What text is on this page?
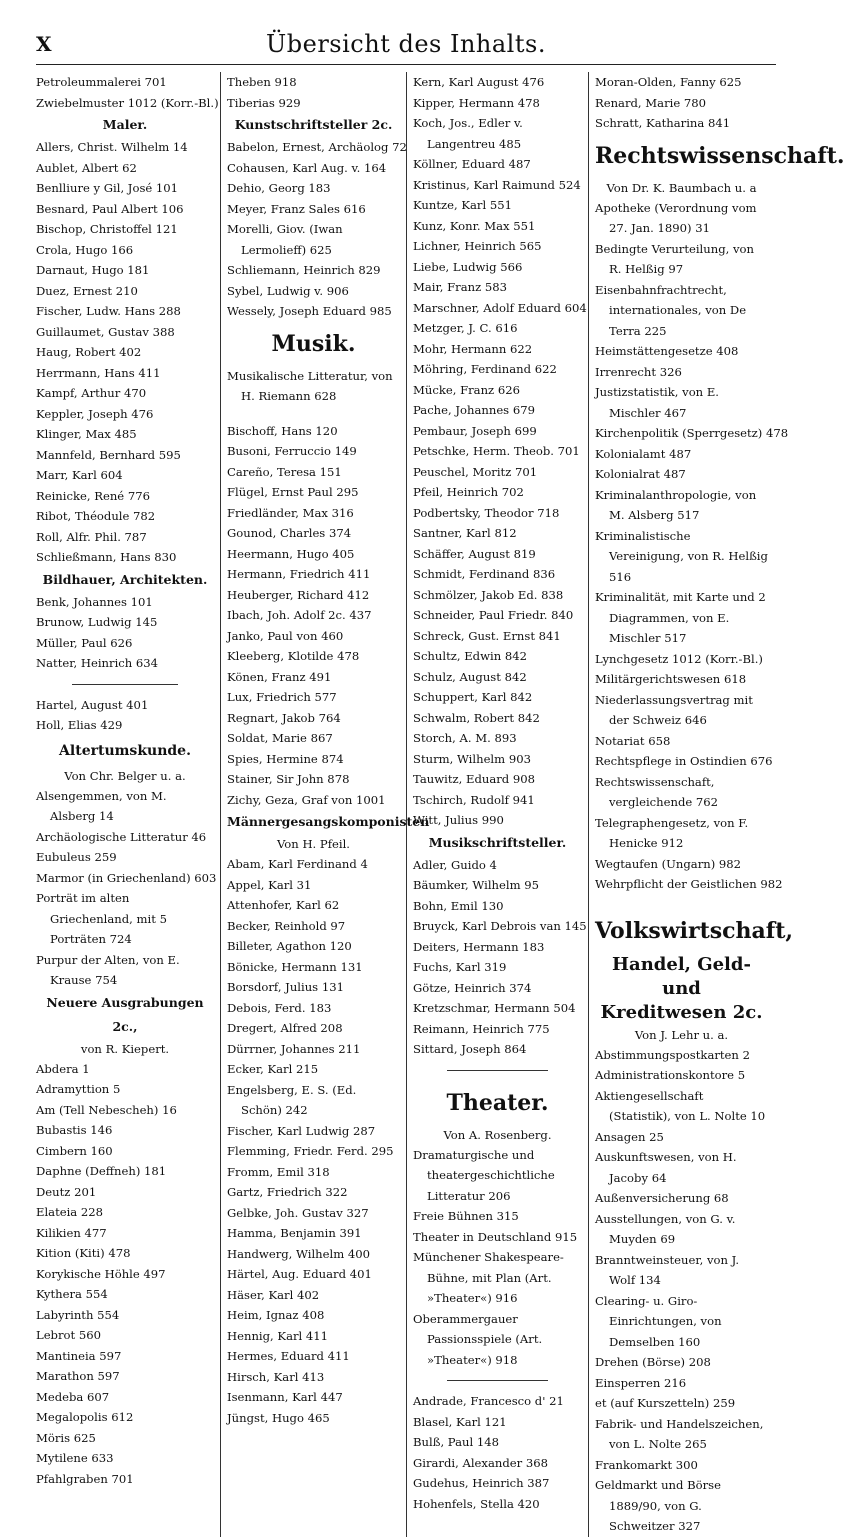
X	Übersicht des Inhalts.
Petroleummalerei 701
Zwiebelmuster 1012 (Korr.-Bl.)
Maler.
Allers, Christ. Wilhelm 14
Aublet, Albert 62
Benlliure y Gil, José 101
Besnard, Paul Albert 106
Bischop, Christoffel 121
Crola, Hugo 166
Darnaut, Hugo 181
Duez, Ernest 210
Fischer, Ludw. Hans 288
Guillaumet, Gustav 388
Haug, Robert 402
Herrmann, Hans 411
Kampf, Arthur 470
Keppler, Joseph 476
Klinger, Max 485
Mannfeld, Bernhard 595
Marr, Karl 604
Reinicke, René 776
Ribot, Théodule 782
Roll, Alfr. Phil. 787
Schließmann, Hans 830
Bildhauer, Architekten.
Benk, Johannes 101
Brunow, Ludwig 145
Müller, Paul 626
Natter, Heinrich 634
Hartel, August 401
Holl, Elias 429
Altertumskunde.
Von Chr. Belger u. a.
Alsengemmen, von M. Alsberg 14
Archäologische Litteratur 46
Eubuleus 259
Marmor (in Griechenland) 603
Porträt im alten Griechenland, mit 5 Porträten 724
Purpur der Alten, von E. Krause 754
Neuere Ausgrabungen 2c.,
von R. Kiepert.
Abdera 1
Adramyttion 5
Am (Tell Nebescheh) 16
Bubastis 146
Cimbern 160
Daphne (Deffneh) 181
Deutz 201
Elateia 228
Kilikien 477
Kition (Kiti) 478
Korykische Höhle 497
Kythera 554
Labyrinth 554
Lebrot 560
Mantineia 597
Marathon 597
Medeba 607
Megalopolis 612
Möris 625
Mytilene 633
Pfahlgraben 701
Theben 918
Tiberias 929
Kunstschriftsteller 2c.
Babelon, Ernest, Archäolog 72
Cohausen, Karl Aug. v. 164
Dehio, Georg 183
Meyer, Franz Sales 616
Morelli, Giov. (Iwan Lermolieff) 625
Schliemann, Heinrich 829
Sybel, Ludwig v. 906
Wessely, Joseph Eduard 985
Musik.
Musikalische Litteratur, von H. Riemann 628
Bischoff, Hans 120
Busoni, Ferruccio 149
Careño, Teresa 151
Flügel, Ernst Paul 295
Friedländer, Max 316
Gounod, Charles 374
Heermann, Hugo 405
Hermann, Friedrich 411
Heuberger, Richard 412
Ibach, Joh. Adolf 2c. 437
Janko, Paul von 460
Kleeberg, Klotilde 478
Könen, Franz 491
Lux, Friedrich 577
Regnart, Jakob 764
Soldat, Marie 867
Spies, Hermine 874
Stainer, Sir John 878
Zichy, Geza, Graf von 1001
Männergesangskomponisten
Von H. Pfeil.
Abam, Karl Ferdinand 4
Appel, Karl 31
Attenhofer, Karl 62
Becker, Reinhold 97
Billeter, Agathon 120
Bönicke, Hermann 131
Borsdorf, Julius 131
Debois, Ferd. 183
Dregert, Alfred 208
Dürrner, Johannes 211
Ecker, Karl 215
Engelsberg, E. S. (Ed. Schön) 242
Fischer, Karl Ludwig 287
Flemming, Friedr. Ferd. 295
Fromm, Emil 318
Gartz, Friedrich 322
Gelbke, Joh. Gustav 327
Hamma, Benjamin 391
Handwerg, Wilhelm 400
Härtel, Aug. Eduard 401
Häser, Karl 402
Heim, Ignaz 408
Hennig, Karl 411
Hermes, Eduard 411
Hirsch, Karl 413
Isenmann, Karl 447
Jüngst, Hugo 465
Kern, Karl August 476
Kipper, Hermann 478
Koch, Jos., Edler v. Langentreu 485
Köllner, Eduard 487
Kristinus, Karl Raimund 524
Kuntze, Karl 551
Kunz, Konr. Max 551
Lichner, Heinrich 565
Liebe, Ludwig 566
Mair, Franz 583
Marschner, Adolf Eduard 604
Metzger, J. C. 616
Mohr, Hermann 622
Möhring, Ferdinand 622
Mücke, Franz 626
Pache, Johannes 679
Pembaur, Joseph 699
Petschke, Herm. Theob. 701
Peuschel, Moritz 701
Pfeil, Heinrich 702
Podbertsky, Theodor 718
Santner, Karl 812
Schäffer, August 819
Schmidt, Ferdinand 836
Schmölzer, Jakob Ed. 838
Schneider, Paul Friedr. 840
Schreck, Gust. Ernst 841
Schultz, Edwin 842
Schulz, August 842
Schuppert, Karl 842
Schwalm, Robert 842
Storch, A. M. 893
Sturm, Wilhelm 903
Tauwitz, Eduard 908
Tschirch, Rudolf 941
Witt, Julius 990
Musikschriftsteller.
Adler, Guido 4
Bäumker, Wilhelm 95
Bohn, Emil 130
Bruyck, Karl Debrois van 145
Deiters, Hermann 183
Fuchs, Karl 319
Götze, Heinrich 374
Kretzschmar, Hermann 504
Reimann, Heinrich 775
Sittard, Joseph 864
Theater.
Von A. Rosenberg.
Dramaturgische und theatergeschichtliche Litteratur 206
Freie Bühnen 315
Theater in Deutschland 915
Münchener Shakespeare-Bühne, mit Plan (Art. »Theater«) 916
Oberammergauer Passionsspiele (Art. »Theater«) 918
Andrade, Francesco d' 21
Blasel, Karl 121
Bulß, Paul 148
Girardi, Alexander 368
Gudehus, Heinrich 387
Hohenfels, Stella 420
Moran-Olden, Fanny 625
Renard, Marie 780
Schratt, Katharina 841
Rechtswissenschaft.
Von Dr. K. Baumbach u. a
Apotheke (Verordnung vom 27. Jan. 1890) 31
Bedingte Verurteilung, von R. Helßig 97
Eisenbahnfrachtrecht, internationales, von De Terra 225
Heimstättengesetze 408
Irrenrecht 326
Justizstatistik, von E. Mischler 467
Kirchenpolitik (Sperrgesetz) 478
Kolonialamt 487
Kolonialrat 487
Kriminalanthropologie, von M. Alsberg 517
Kriminalistische Vereinigung, von R. Helßig 516
Kriminalität, mit Karte und 2 Diagrammen, von E. Mischler 517
Lynchgesetz 1012 (Korr.-Bl.)
Militärgerichtswesen 618
Niederlassungsvertrag mit der Schweiz 646
Notariat 658
Rechtspflege in Ostindien 676
Rechtswissenschaft, vergleichende 762
Telegraphengesetz, von F. Henicke 912
Wegtaufen (Ungarn) 982
Wehrpflicht der Geistlichen 982
Volkswirtschaft,
Handel, Geld- und
Kreditwesen 2c.
Von J. Lehr u. a.
Abstimmungspostkarten 2
Administrationskontore 5
Aktiengesellschaft (Statistik), von L. Nolte 10
Ansagen 25
Auskunftswesen, von H. Jacoby 64
Außenversicherung 68
Ausstellungen, von G. v. Muyden 69
Branntweinsteuer, von J. Wolf 134
Clearing- u. Giro-Einrichtungen, von Demselben 160
Drehen (Börse) 208
Einsperren 216
et (auf Kurszetteln) 259
Fabrik- und Handelszeichen, von L. Nolte 265
Frankomarkt 300
Geldmarkt und Börse 1889/90, von G. Schweitzer 327
